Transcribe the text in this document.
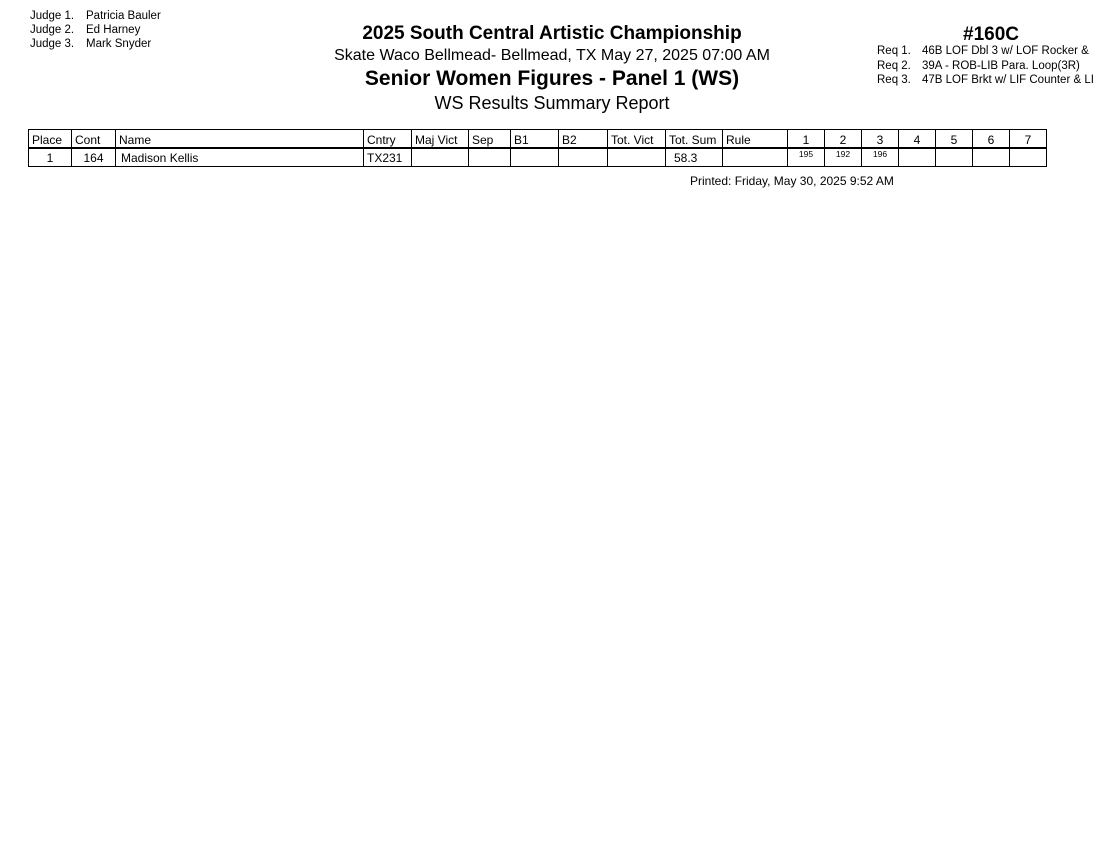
Judge 1. Patricia Bauler
Judge 2. Ed Harney
Judge 3. Mark Snyder	2025 South Central Artistic Championship
Skate Waco Bellmead- Bellmead, TX May 27, 2025 07:00 AM
Senior Women Figures - Panel 1 (WS)
WS Results Summary Report
#160C
Req 1. 46B LOF Dbl 3 w/ LOF Rocker &
Req 2. 39A - ROB-LIB Para. Loop(3R)
Req 3. 47B LOF Brkt w/ LIF Counter & LI
Place	Cont	Name	Cntry	Maj Vict	Sep	B1	B2	Tot. Vict	Tot. Sum	Rule	1	2	3	4	5	6	7
1	164	Madison Kellis	TX231						58.3		195	192	196				
Printed: Friday, May 30, 2025 9:52 AM
